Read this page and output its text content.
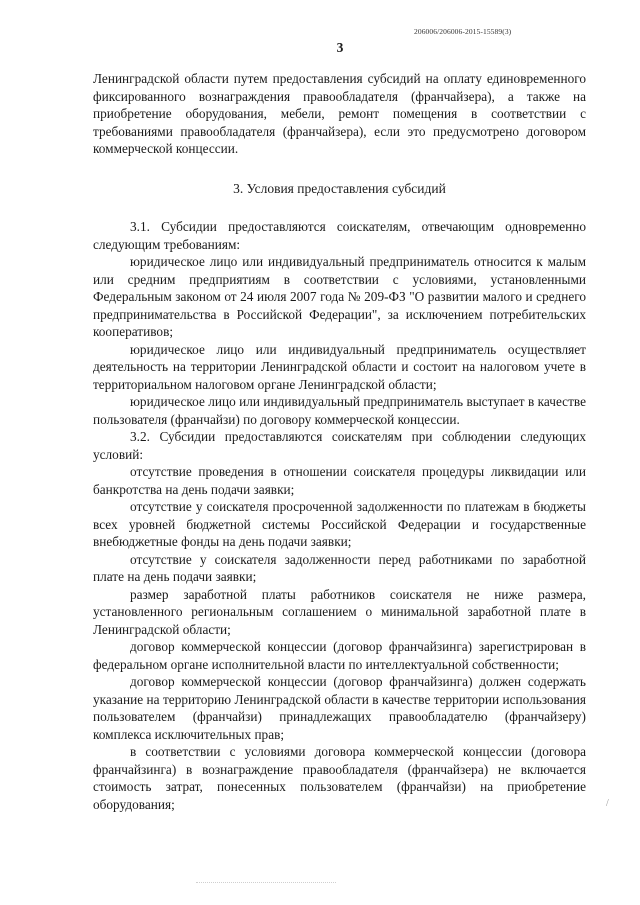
206006/206006-2015-15589(3)
3

Ленинградской области путем предоставления субсидий на оплату единовременного фиксированного вознаграждения правообладателя (франчайзера), а также на приобретение оборудования, мебели, ремонт помещения в соответствии с требованиями правообладателя (франчайзера), если это предусмотрено договором коммерческой концессии.

3. Условия предоставления субсидий

3.1. Субсидии предоставляются соискателям, отвечающим одновременно следующим требованиям:

юридическое лицо или индивидуальный предприниматель относится к малым или средним предприятиям в соответствии с условиями, установленными Федеральным законом от 24 июля 2007 года № 209-ФЗ "О развитии малого и среднего предпринимательства в Российской Федерации", за исключением потребительских кооперативов;

юридическое лицо или индивидуальный предприниматель осуществляет деятельность на территории Ленинградской области и состоит на налоговом учете в территориальном налоговом органе Ленинградской области;

юридическое лицо или индивидуальный предприниматель выступает в качестве пользователя (франчайзи) по договору коммерческой концессии.

3.2. Субсидии предоставляются соискателям при соблюдении следующих условий:

отсутствие проведения в отношении соискателя процедуры ликвидации или банкротства на день подачи заявки;

отсутствие у соискателя просроченной задолженности по платежам в бюджеты всех уровней бюджетной системы Российской Федерации и государственные внебюджетные фонды на день подачи заявки;

отсутствие у соискателя задолженности перед работниками по заработной плате на день подачи заявки;

размер заработной платы работников соискателя не ниже размера, установленного региональным соглашением о минимальной заработной плате в Ленинградской области;

договор коммерческой концессии (договор франчайзинга) зарегистрирован в федеральном органе исполнительной власти по интеллектуальной собственности;

договор коммерческой концессии (договор франчайзинга) должен содержать указание на территорию Ленинградской области в качестве территории использования пользователем (франчайзи) принадлежащих правообладателю (франчайзеру) комплекса исключительных прав;

в соответствии с условиями договора коммерческой концессии (договора франчайзинга) в вознаграждение правообладателя (франчайзера) не включается стоимость затрат, понесенных пользователем (франчайзи) на приобретение оборудования;	/
